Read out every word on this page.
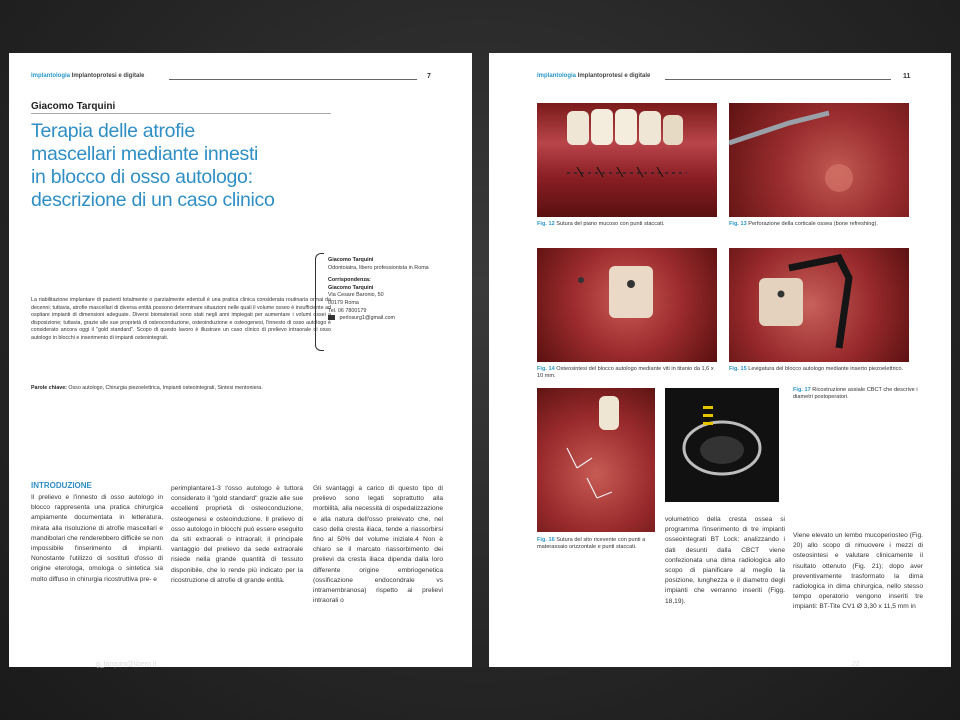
Implantologia Implantoprotesi e digitale	7
Giacomo Tarquini
Terapia delle atrofie
mascellari mediante innesti
in blocco di osso autologo:
descrizione di un caso clinico
Giacomo Tarquini
Odontoiatra, libero professionista in Roma
Corrispondenza:
Giacomo Tarquini
Via Cesare Baronio, 50
00179 Roma
Tel. 06 7800179
perlosurg1@gmail.com
La riabilitazione implantare di pazienti totalmente o parzialmente edentuli è una pratica clinica considerata routinaria ormai da decenni; tuttavia, atrofie mascellari di diversa entità possono determinare situazioni nelle quali il volume osseo è insufficiente ad ospitare impianti di dimensioni adeguate. Diversi biomateriali sono stati negli anni impiegati per aumentare i volumi ossei a disposizione; tuttavia, grazie alle sue proprietà di osteoconduzione, osteoinduzione e osteogenesi, l'innesto di osso autologo è considerato ancora oggi il "gold standard". Scopo di questo lavoro è illustrare un caso clinico di prelievo intraorale di osso autologo in blocchi e inserimento di impianti osteointegrati.
Parole chiave: Osso autologo, Chirurgia piezoelettrica, Impianti osteointegrati, Sintesi mentoniera.
INTRODUZIONE

Il prelievo e l'innesto di osso autologo in blocco rappresenta una pratica chirurgica ampiamente documentata in letteratura, mirata alla risoluzione di atrofie mascellari e mandibolari che renderebbero difficile se non impossibile l'inserimento di impianti. Nonostante l'utilizzo di sostituti d'osso di origine eterologa, omologa o sintetica sia molto diffuso in chirurgia ricostruttiva pre- e

perimplantare1-3 l'osso autologo è tuttora considerato il "gold standard" grazie alle sue eccellenti proprietà di osteoconduzione, osteogenesi e osteoinduzione. Il prelievo di osso autologo in blocchi può essere eseguito da siti extraorali o intraorali; il principale vantaggio del prelievo da sede extraorale risiede nella grande quantità di tessuto disponibile, che lo rende più indicato per la ricostruzione di atrofie di grande entità.

Gli svantaggi a carico di questo tipo di prelievo sono legati soprattutto alla morbilità, alla necessità di ospedalizzazione e alla natura dell'osso prelevato che, nel caso della cresta iliaca, tende a riassorbirsi fino al 50% del volume iniziale.4 Non è chiaro se il marcato riassorbimento dei prelievi da cresta iliaca dipenda dalla loro differente origine embriogenetica (ossificazione endocondrale vs intramembranosa) rispetto ai prelievi intraorali o

Implantologia Implantoprotesi e digitale	11
Fig. 12 Sutura del piano mucoso con punti staccati.	Fig. 13 Perforazione della corticale ossea (bone refreshing).
Fig. 14 Osteosintesi del blocco autologo mediante viti in titanio da 1,6 x 10 mm.
Fig. 15 Levigatura del blocco autologo mediante inserto piezoelettrico.
Fig. 16 Sutura del sito ricevente con punti a materassaio orizzontale e punti staccati.
Fig. 17 Ricostruzione assiale CBCT che descrive i diametri postoperatori.

volumetrico della cresta ossea si programma l'inserimento di tre impianti osseointegrati BT Lock: analizzando i dati desunti dalla CBCT viene confezionata una dima radiologica allo scopo di pianificare al meglio la posizione, lunghezza e il diametro degli impianti che verranno inseriti (Figg. 18,19).

Viene elevato un lembo mucoperiosteo (Fig. 20) allo scopo di rimuovere i mezzi di osteosintesi e valutare clinicamente il risultato ottenuto (Fig. 21); dopo aver preventivamente trasformato la dima radiologica in dima chirurgica, nello stesso tempo operatorio vengono inseriti tre impianti: BT-Tite CV1 Ø 3,30 x 11,5 mm in

g_tarquini@libero.it	22
